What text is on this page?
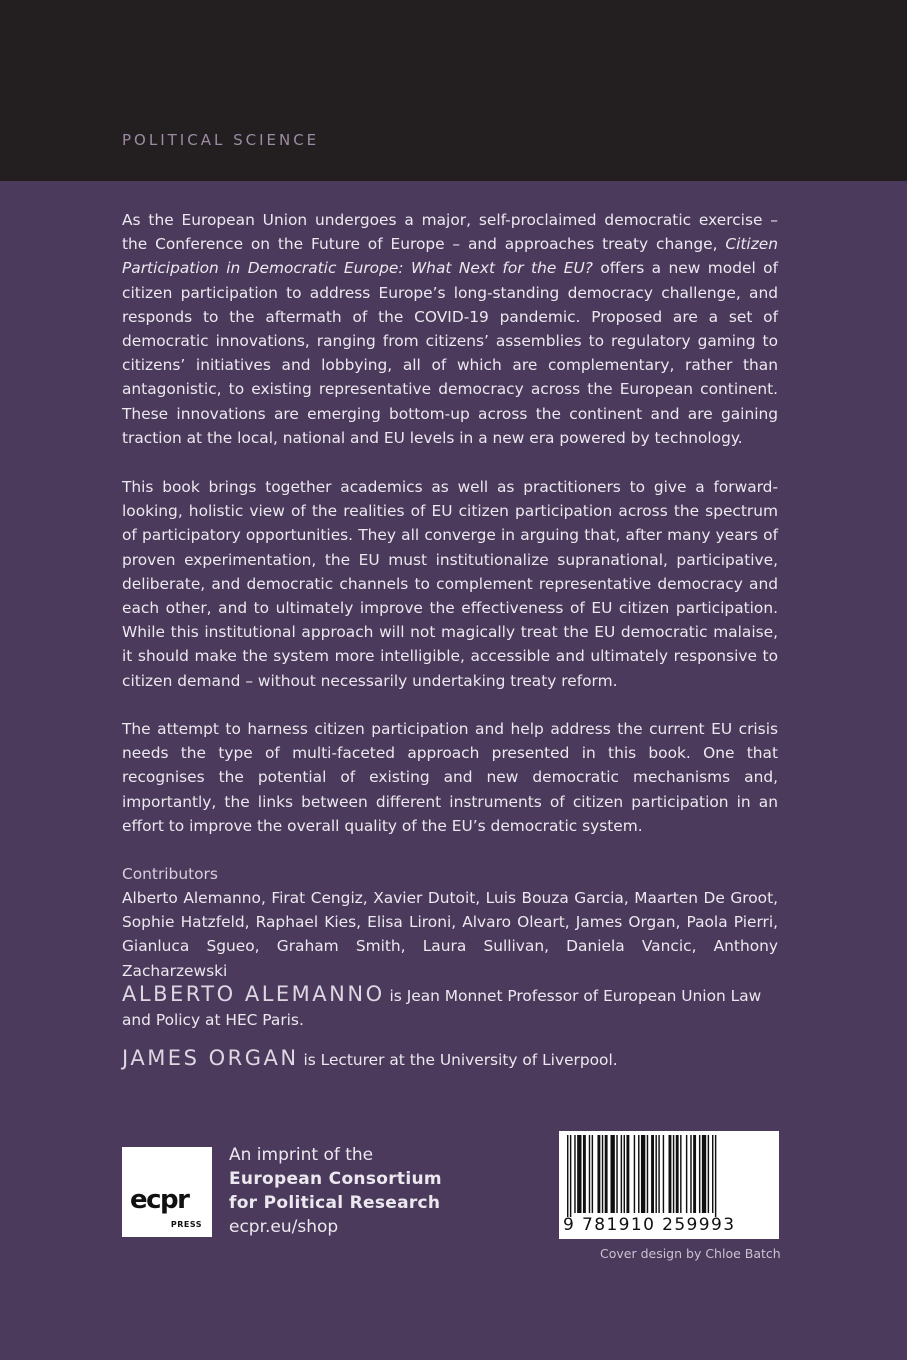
POLITICAL SCIENCE
As the European Union undergoes a major, self-proclaimed democratic exercise – the Conference on the Future of Europe – and approaches treaty change, Citizen Participation in Democratic Europe: What Next for the EU? offers a new model of citizen participation to address Europe’s long-standing democracy challenge, and responds to the aftermath of the COVID-19 pandemic. Proposed are a set of democratic innovations, ranging from citizens’ assemblies to regulatory gaming to citizens’ initiatives and lobbying, all of which are complementary, rather than antagonistic, to existing representative democracy across the European continent. These innovations are emerging bottom-up across the continent and are gaining traction at the local, national and EU levels in a new era powered by technology.
This book brings together academics as well as practitioners to give a forward-looking, holistic view of the realities of EU citizen participation across the spectrum of participatory opportunities. They all converge in arguing that, after many years of proven experimentation, the EU must institutionalize supranational, participative, deliberate, and democratic channels to complement representative democracy and each other, and to ultimately improve the effectiveness of EU citizen participation. While this institutional approach will not magically treat the EU democratic malaise, it should make the system more intelligible, accessible and ultimately responsive to citizen demand – without necessarily undertaking treaty reform.
The attempt to harness citizen participation and help address the current EU crisis needs the type of multi-faceted approach presented in this book. One that recognises the potential of existing and new democratic mechanisms and, importantly, the links between different instruments of citizen participation in an effort to improve the overall quality of the EU’s democratic system.
Contributors
Alberto Alemanno, Firat Cengiz, Xavier Dutoit, Luis Bouza Garcia, Maarten De Groot, Sophie Hatzfeld, Raphael Kies, Elisa Lironi, Alvaro Oleart, James Organ, Paola Pierri, Gianluca Sgueo, Graham Smith, Laura Sullivan, Daniela Vancic, Anthony Zacharzewski
ALBERTO ALEMANNO is Jean Monnet Professor of European Union Law and Policy at HEC Paris.
JAMES ORGAN is Lecturer at the University of Liverpool.
ecpr
PRESS
An imprint of the
European Consortium
for Political Research
ecpr.eu/shop	9 781910 259993
Cover design by Chloe Batch
